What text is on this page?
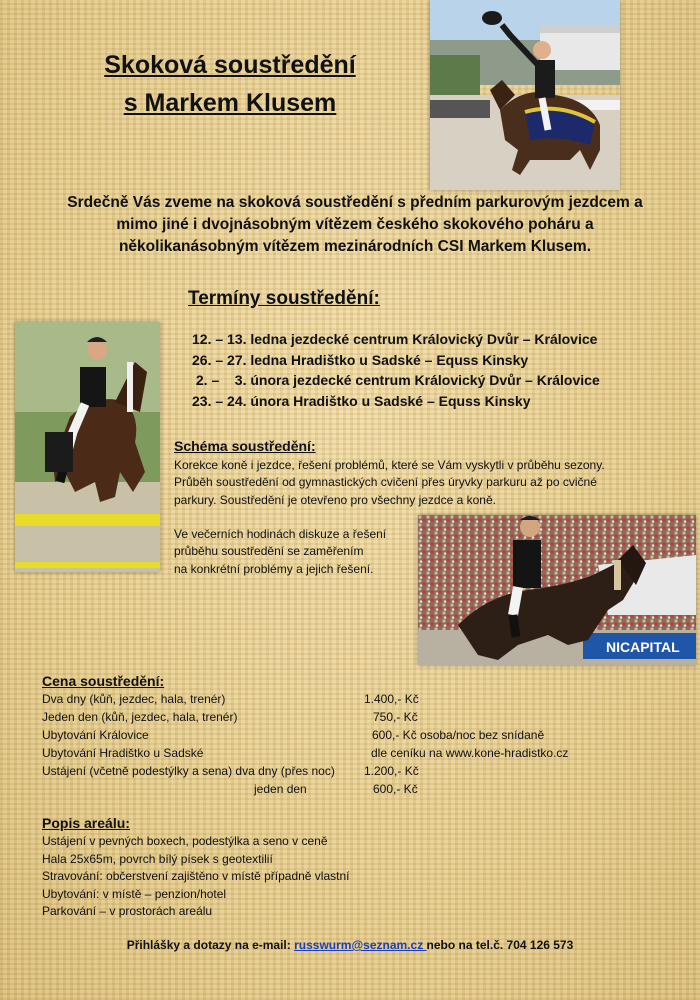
Skoková soustředění
s Markem Klusem
Srdečně Vás zveme na skoková soustředění s předním parkurovým jezdcem a
mimo jiné i dvojnásobným vítězem českého skokového poháru a
několikanásobným vítězem mezinárodních CSI Markem Klusem.
Termíny soustředění:
12. – 13. ledna jezdecké centrum Královický Dvůr – Královice
26. – 27. ledna Hradištko u Sadské – Equss Kinsky
2. –    3. února jezdecké centrum Královický Dvůr – Královice
23. – 24. února Hradištko u Sadské – Equss Kinsky
Schéma soustředění:
Korekce koně i jezdce, řešení problémů, které se Vám vyskytli v průběhu sezony.
Průběh soustředění od gymnastických cvičení přes úryvky parkuru až po cvičné
parkury. Soustředění je otevřeno pro všechny jezdce a koně.
Ve večerních hodinách diskuze a řešení
průběhu soustředění se zaměřením
na konkrétní problémy a jejich řešení.
NICAPITAL
Cena soustředění:
Dva dny (kůň, jezdec, hala, trenér)	1.400,- Kč
Jeden den (kůň, jezdec, hala, trenér)	750,- Kč
Ubytování Královice	600,- Kč osoba/noc bez snídaně
Ubytování Hradištko u Sadské	dle ceníku na www.kone-hradistko.cz
Ustájení (včetně podestýlky a sena) dva dny (přes noc) 1.200,- Kč
jeden den	600,- Kč
Popis areálu:
Ustájení v pevných boxech, podestýlka a seno v ceně
Hala 25x65m, povrch bílý písek s geotextilií
Stravování: občerstvení zajištěno v místě případně vlastní
Ubytování: v místě – penzion/hotel
Parkování – v prostorách areálu
Přihlášky a dotazy na e-mail: russwurm@seznam.cz nebo na tel.č. 704 126 573
